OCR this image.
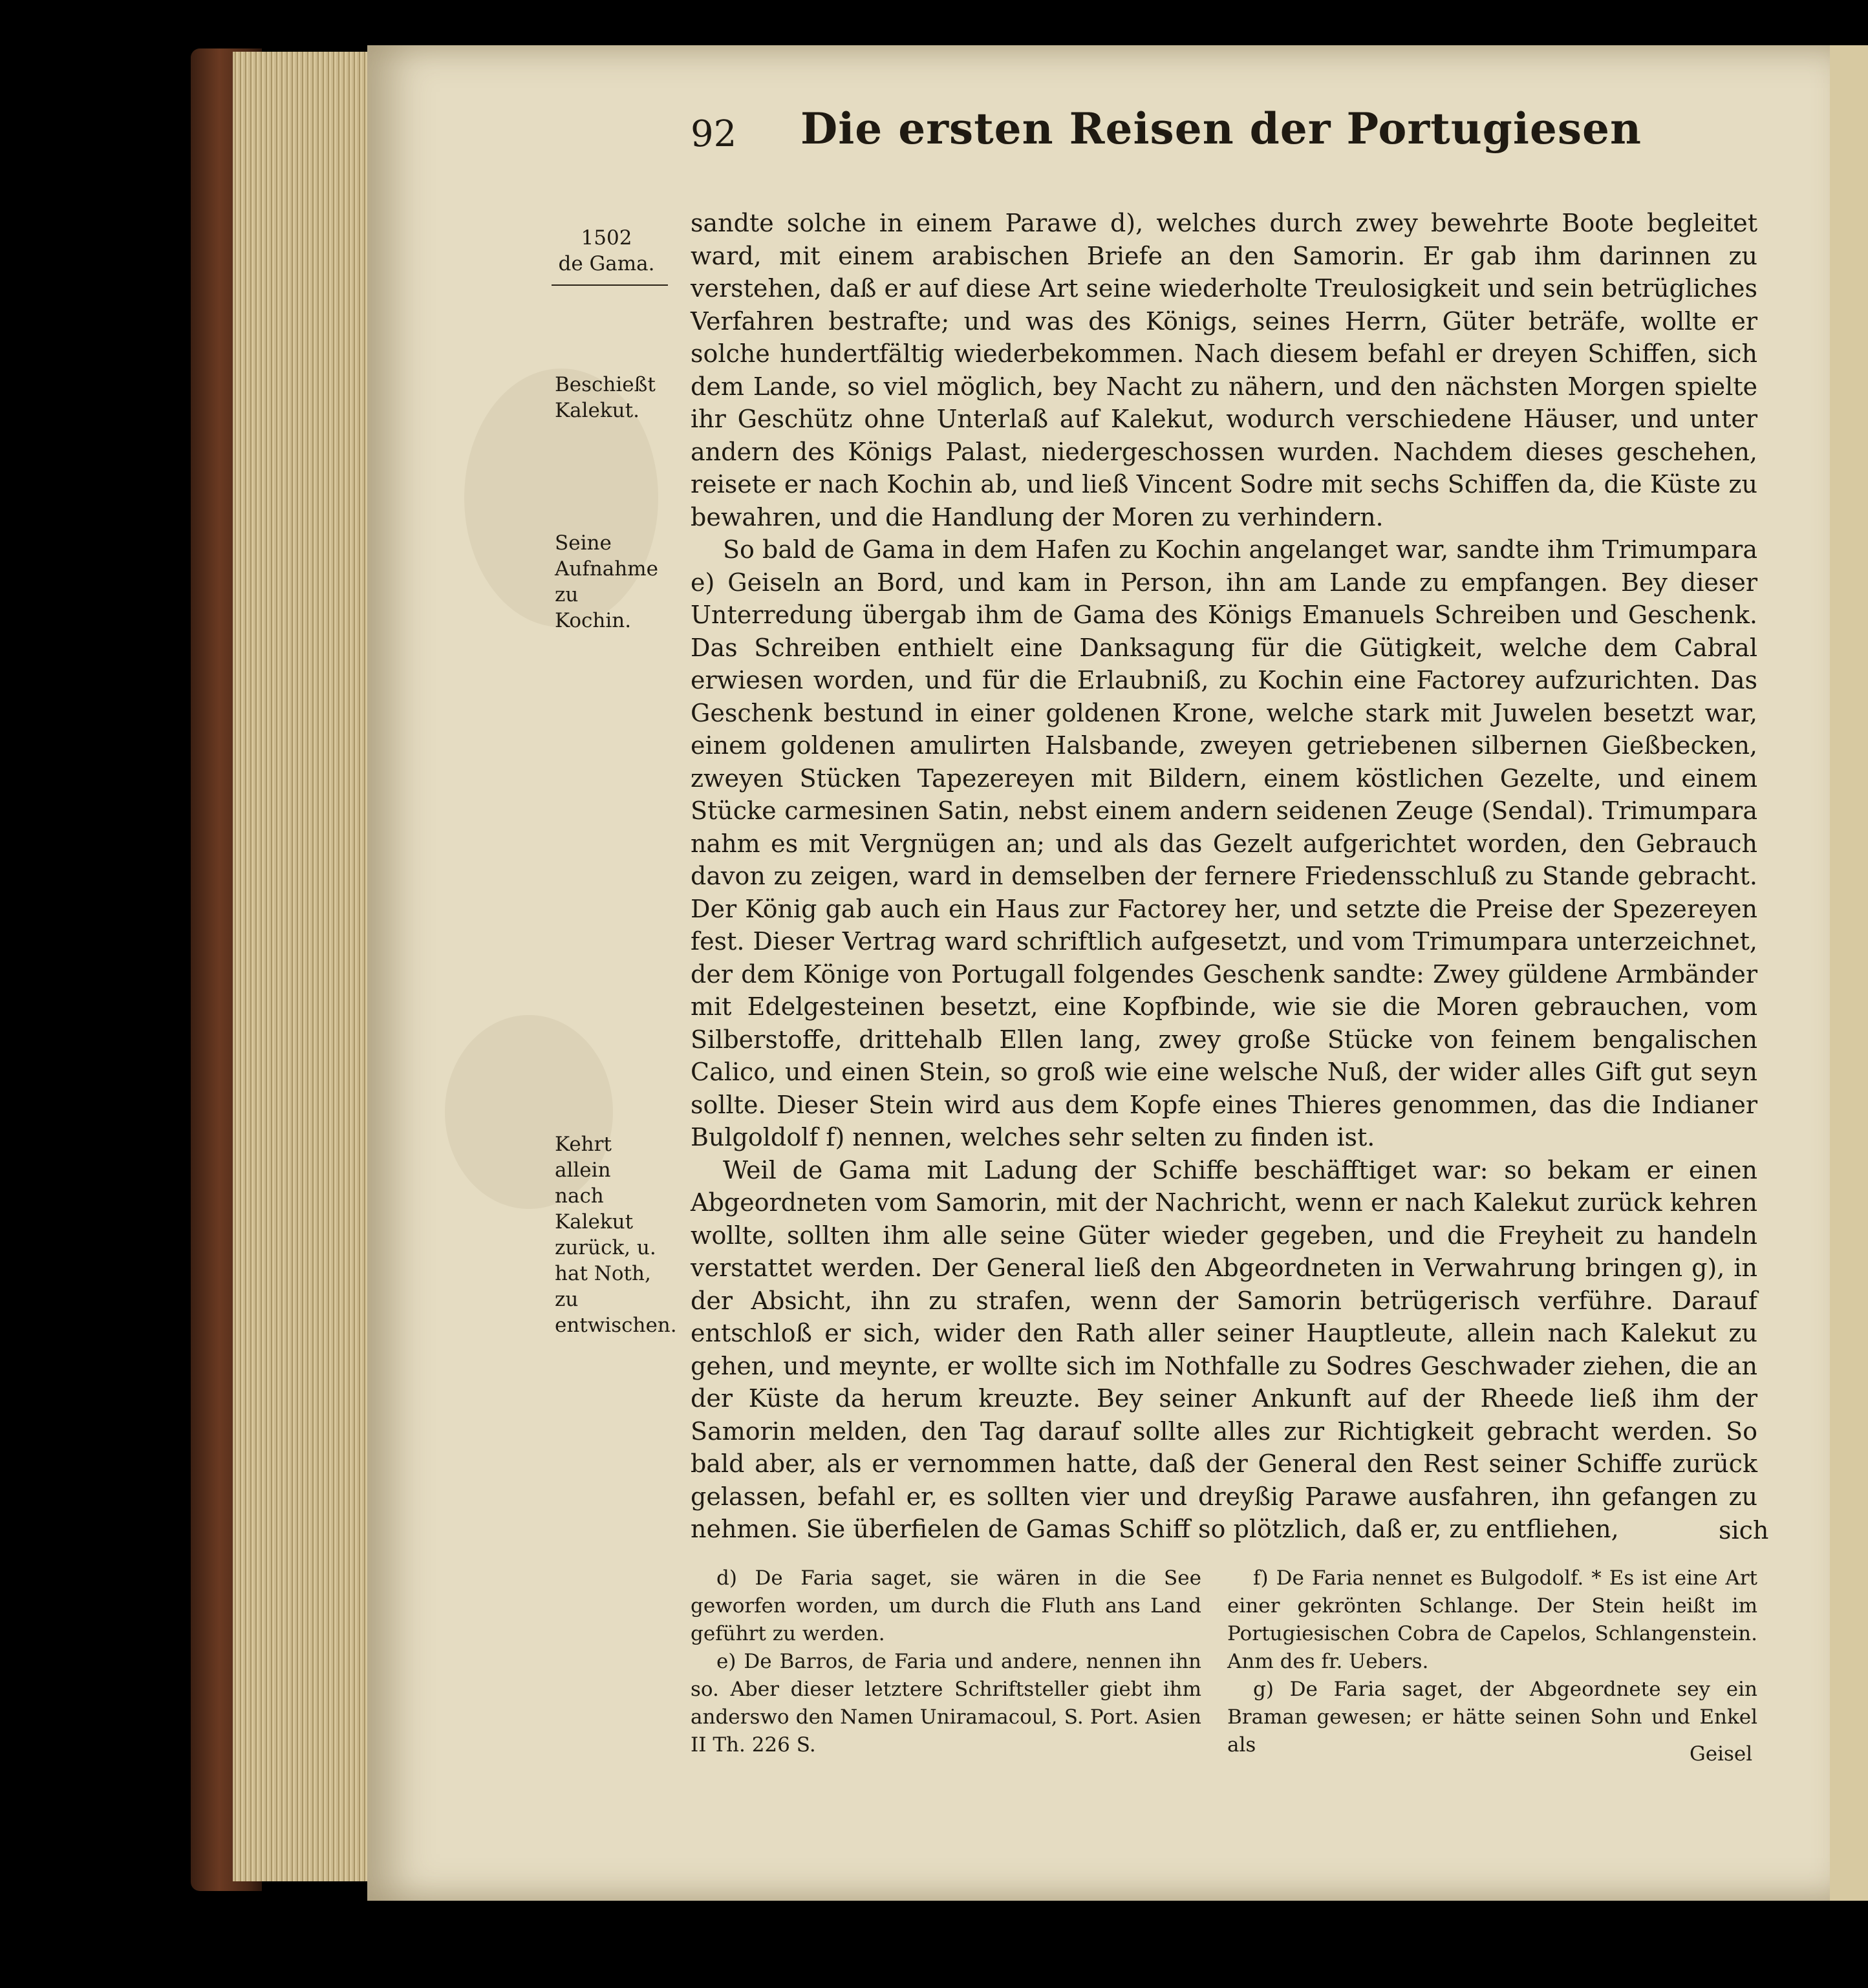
92 Die ersten Reisen der Portugiesen
1502
de Gama.
Beschießt Kalekut.
Seine Aufnahme zu Kochin.
Kehrt allein nach Kalekut zurück, u. hat Noth, zu entwischen.

sandte solche in einem Parawe d), welches durch zwey bewehrte Boote begleitet ward, mit einem arabischen Briefe an den Samorin. Er gab ihm darinnen zu verstehen, daß er auf diese Art seine wiederholte Treulosigkeit und sein betrügliches Verfahren bestrafte; und was des Königs, seines Herrn, Güter beträfe, wollte er solche hundertfältig wiederbekommen. Nach diesem befahl er dreyen Schiffen, sich dem Lande, so viel möglich, bey Nacht zu nähern, und den nächsten Morgen spielte ihr Geschütz ohne Unterlaß auf Kalekut, wodurch verschiedene Häuser, und unter andern des Königs Palast, niedergeschossen wurden. Nachdem dieses geschehen, reisete er nach Kochin ab, und ließ Vincent Sodre mit sechs Schiffen da, die Küste zu bewahren, und die Handlung der Moren zu verhindern.

So bald de Gama in dem Hafen zu Kochin angelanget war, sandte ihm Trimumpara e) Geiseln an Bord, und kam in Person, ihn am Lande zu empfangen. Bey dieser Unterredung übergab ihm de Gama des Königs Emanuels Schreiben und Geschenk. Das Schreiben enthielt eine Danksagung für die Gütigkeit, welche dem Cabral erwiesen worden, und für die Erlaubniß, zu Kochin eine Factorey aufzurichten. Das Geschenk bestund in einer goldenen Krone, welche stark mit Juwelen besetzt war, einem goldenen amulirten Halsbande, zweyen getriebenen silbernen Gießbecken, zweyen Stücken Tapezereyen mit Bildern, einem köstlichen Gezelte, und einem Stücke carmesinen Satin, nebst einem andern seidenen Zeuge (Sendal). Trimumpara nahm es mit Vergnügen an; und als das Gezelt aufgerichtet worden, den Gebrauch davon zu zeigen, ward in demselben der fernere Friedensschluß zu Stande gebracht. Der König gab auch ein Haus zur Factorey her, und setzte die Preise der Spezereyen fest. Dieser Vertrag ward schriftlich aufgesetzt, und vom Trimumpara unterzeichnet, der dem Könige von Portugall folgendes Geschenk sandte: Zwey güldene Armbänder mit Edelgesteinen besetzt, eine Kopfbinde, wie sie die Moren gebrauchen, vom Silberstoffe, drittehalb Ellen lang, zwey große Stücke von feinem bengalischen Calico, und einen Stein, so groß wie eine welsche Nuß, der wider alles Gift gut seyn sollte. Dieser Stein wird aus dem Kopfe eines Thieres genommen, das die Indianer Bulgoldolf f) nennen, welches sehr selten zu finden ist.

Weil de Gama mit Ladung der Schiffe beschäfftiget war: so bekam er einen Abgeordneten vom Samorin, mit der Nachricht, wenn er nach Kalekut zurück kehren wollte, sollten ihm alle seine Güter wieder gegeben, und die Freyheit zu handeln verstattet werden. Der General ließ den Abgeordneten in Verwahrung bringen g), in der Absicht, ihn zu strafen, wenn der Samorin betrügerisch verführe. Darauf entschloß er sich, wider den Rath aller seiner Hauptleute, allein nach Kalekut zu gehen, und meynte, er wollte sich im Nothfalle zu Sodres Geschwader ziehen, die an der Küste da herum kreuzte. Bey seiner Ankunft auf der Rheede ließ ihm der Samorin melden, den Tag darauf sollte alles zur Richtigkeit gebracht werden. So bald aber, als er vernommen hatte, daß der General den Rest seiner Schiffe zurück gelassen, befahl er, es sollten vier und dreyßig Parawe ausfahren, ihn gefangen zu nehmen. Sie überfielen de Gamas Schiff so plötzlich, daß er, zu entfliehen,	sich

d) De Faria saget, sie wären in die See geworfen worden, um durch die Fluth ans Land geführt zu werden.

e) De Barros, de Faria und andere, nennen ihn so. Aber dieser letztere Schriftsteller giebt ihm anderswo den Namen Uniramacoul, S. Port. Asien II Th. 226 S.

f) De Faria nennet es Bulgodolf. * Es ist eine Art einer gekrönten Schlange. Der Stein heißt im Portugiesischen Cobra de Capelos, Schlangenstein. Anm des fr. Uebers.

g) De Faria saget, der Abgeordnete sey ein Braman gewesen; er hätte seinen Sohn und Enkel als	Geisel
